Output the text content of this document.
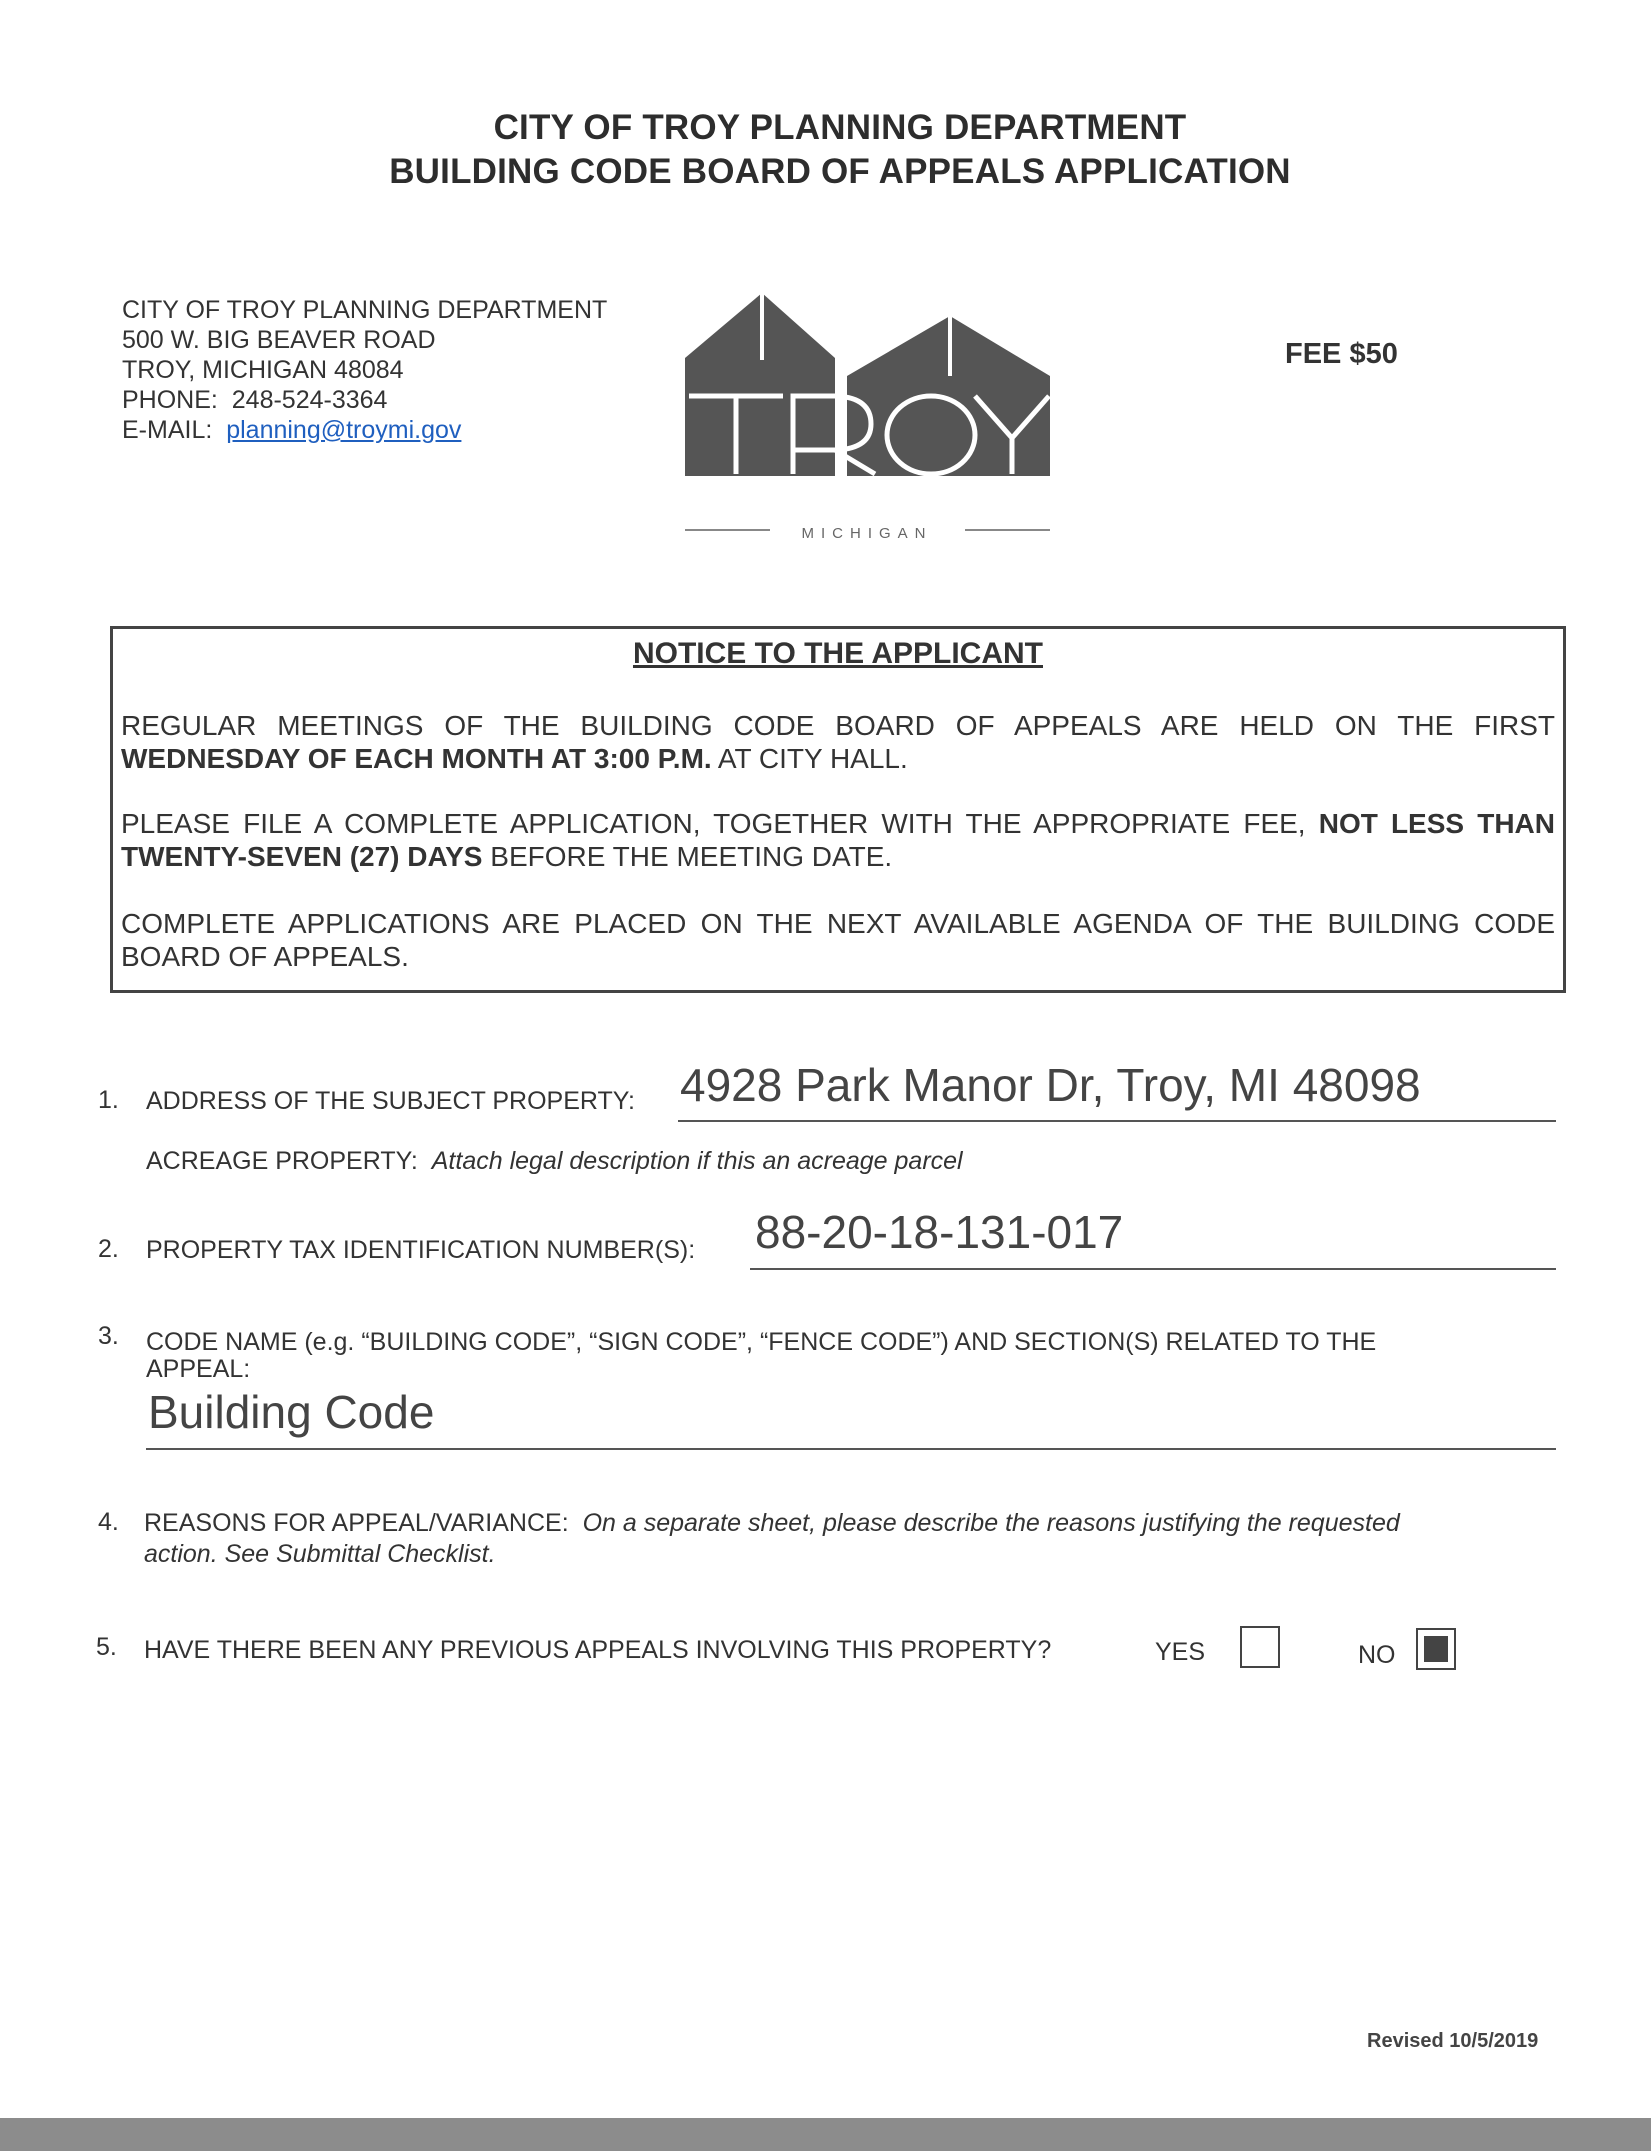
CITY OF TROY PLANNING DEPARTMENT
BUILDING CODE BOARD OF APPEALS APPLICATION
CITY OF TROY PLANNING DEPARTMENT
500 W. BIG BEAVER ROAD
TROY, MICHIGAN 48084
PHONE: 248-524-3364
E-MAIL: planning@troymi.gov
MICHIGAN
FEE $50
NOTICE TO THE APPLICANT
REGULAR MEETINGS OF THE BUILDING CODE BOARD OF APPEALS ARE HELD ON THE FIRST WEDNESDAY OF EACH MONTH AT 3:00 P.M. AT CITY HALL.
PLEASE FILE A COMPLETE APPLICATION, TOGETHER WITH THE APPROPRIATE FEE, NOT LESS THAN TWENTY-SEVEN (27) DAYS BEFORE THE MEETING DATE.
COMPLETE APPLICATIONS ARE PLACED ON THE NEXT AVAILABLE AGENDA OF THE BUILDING CODE BOARD OF APPEALS.
1. ADDRESS OF THE SUBJECT PROPERTY: 4928 Park Manor Dr, Troy, MI 48098
ACREAGE PROPERTY: Attach legal description if this an acreage parcel
2. PROPERTY TAX IDENTIFICATION NUMBER(S): 88-20-18-131-017
3. CODE NAME (e.g. “BUILDING CODE”, “SIGN CODE”, “FENCE CODE”) AND SECTION(S) RELATED TO THE
APPEAL:
Building Code
4. REASONS FOR APPEAL/VARIANCE: On a separate sheet, please describe the reasons justifying the requested
action. See Submittal Checklist.
5. HAVE THERE BEEN ANY PREVIOUS APPEALS INVOLVING THIS PROPERTY?	YES	NO
Revised 10/5/2019
